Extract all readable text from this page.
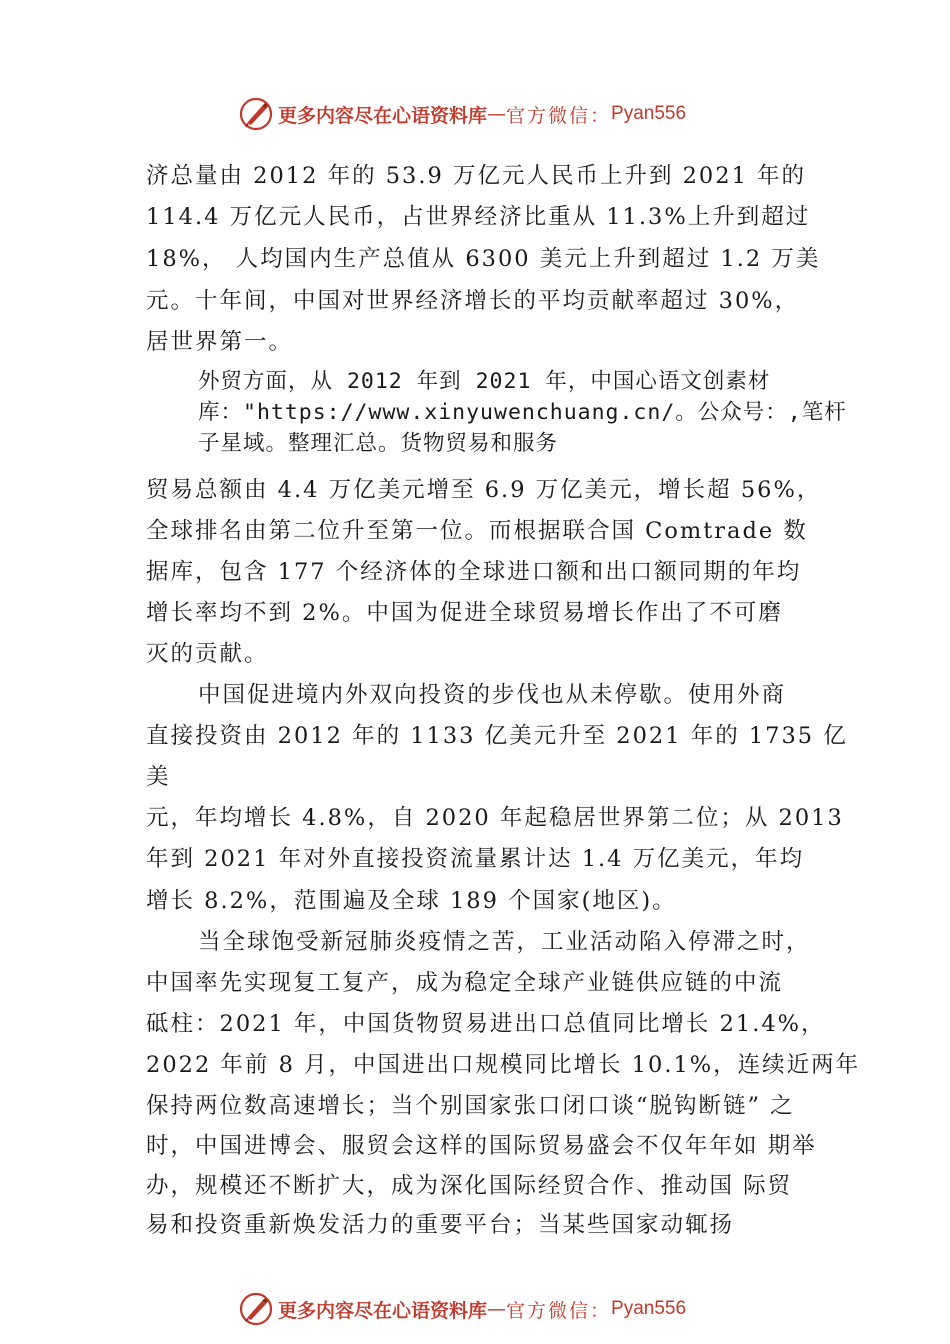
更多内容尽在心语资料库 — 官方微信： Pyan556
济总量由 2012 年的 53.9 万亿元人民币上升到 2021 年的
114.4 万亿元人民币，占世界经济比重从 11.3%上升到超过
18%， 人均国内生产总值从 6300 美元上升到超过 1.2 万美
元。十年间，中国对世界经济增长的平均贡献率超过 30%，
居世界第一。
外贸方面，从 2012 年到 2021 年，中国心语文创素材
库："https://www.xinyuwenchuang.cn/。公众号：,笔杆
子星域。整理汇总。货物贸易和服务
贸易总额由 4.4 万亿美元增至 6.9 万亿美元，增长超 56%，
全球排名由第二位升至第一位。而根据联合国 Comtrade 数
据库，包含 177 个经济体的全球进口额和出口额同期的年均
增长率均不到 2%。中国为促进全球贸易增长作出了不可磨
灭的贡献。
中国促进境内外双向投资的步伐也从未停歇。使用外商
直接投资由 2012 年的 1133 亿美元升至 2021 年的 1735 亿
美
元，年均增长 4.8%，自 2020 年起稳居世界第二位；从 2013
年到 2021 年对外直接投资流量累计达 1.4 万亿美元，年均
增长 8.2%，范围遍及全球 189 个国家(地区)。
当全球饱受新冠肺炎疫情之苦，工业活动陷入停滞之时，
中国率先实现复工复产，成为稳定全球产业链供应链的中流
砥柱：2021 年，中国货物贸易进出口总值同比增长 21.4%，
2022 年前 8 月，中国进出口规模同比增长 10.1%，连续近两年
保持两位数高速增长；当个别国家张口闭口谈“脱钩断链” 之
时，中国进博会、服贸会这样的国际贸易盛会不仅年年如 期举
办，规模还不断扩大，成为深化国际经贸合作、推动国 际贸
易和投资重新焕发活力的重要平台；当某些国家动辄扬
更多内容尽在心语资料库 — 官方微信： Pyan556
